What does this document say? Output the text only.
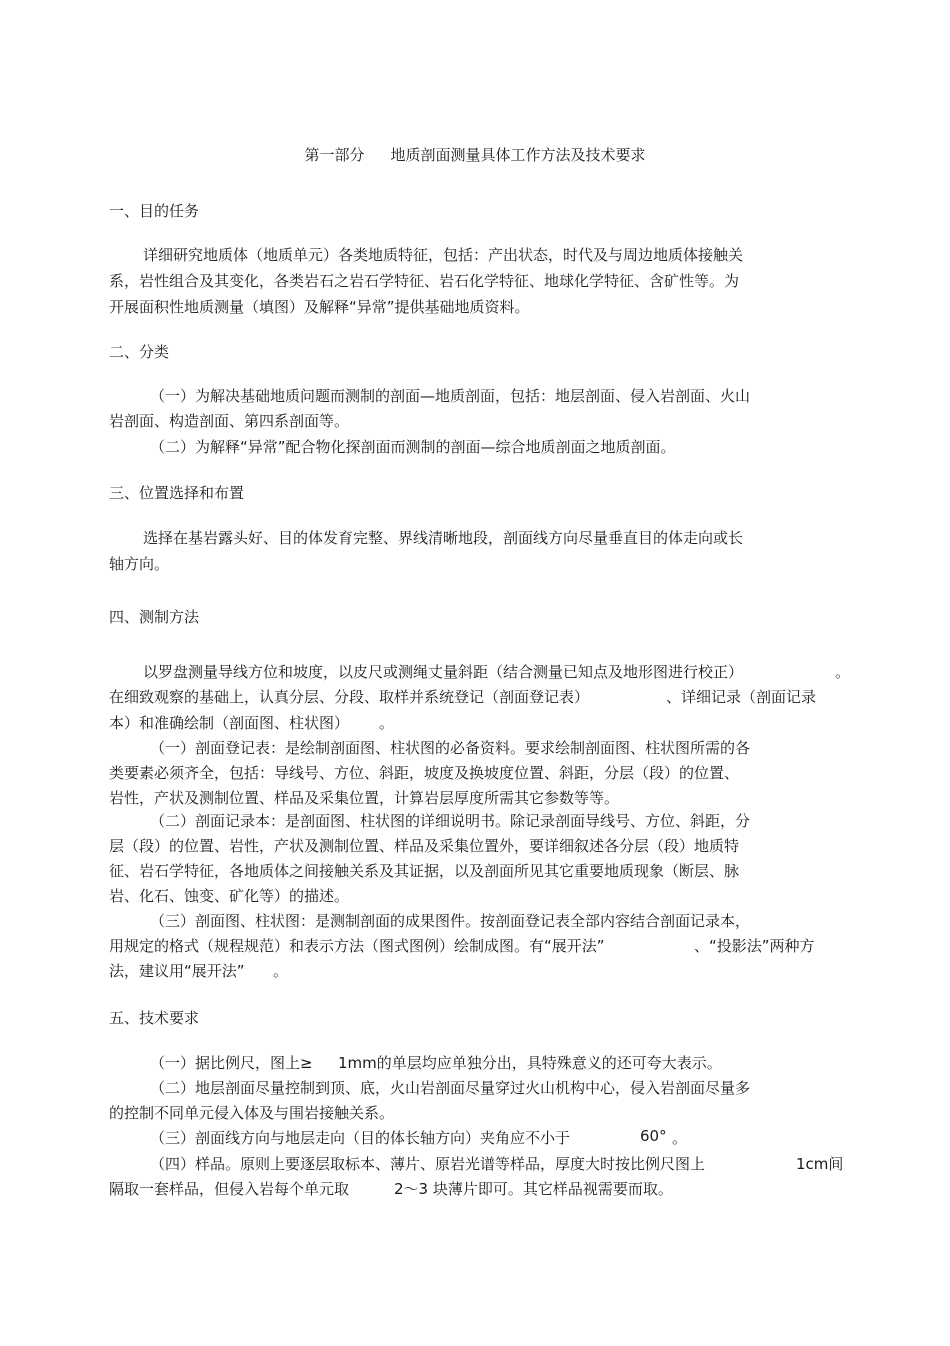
第一部分 地质剖面测量具体工作方法及技术要求
一、目的任务
详细研究地质体（地质单元）各类地质特征，包括：产出状态，时代及与周边地质体接触关
系，岩性组合及其变化，各类岩石之岩石学特征、岩石化学特征、地球化学特征、含矿性等。为
开展面积性地质测量（填图）及解释“异常”提供基础地质资料。
二、分类
（一）为解决基础地质问题而测制的剖面—地质剖面，包括：地层剖面、侵入岩剖面、火山
岩剖面、构造剖面、第四系剖面等。
（二）为解释“异常”配合物化探剖面而测制的剖面—综合地质剖面之地质剖面。
三、位置选择和布置
选择在基岩露头好、目的体发育完整、界线清晰地段，剖面线方向尽量垂直目的体走向或长
轴方向。
四、测制方法
以罗盘测量导线方位和坡度，以皮尺或测绳丈量斜距（结合测量已知点及地形图进行校正）	。
在细致观察的基础上，认真分层、分段、取样并系统登记（剖面登记表）	、详细记录（剖面记录
本）和准确绘制（剖面图、柱状图） 。
（一）剖面登记表：是绘制剖面图、柱状图的必备资料。要求绘制剖面图、柱状图所需的各
类要素必须齐全，包括：导线号、方位、斜距，坡度及换坡度位置、斜距，分层（段）的位置、
岩性，产状及测制位置、样品及采集位置，计算岩层厚度所需其它参数等等。
（二）剖面记录本：是剖面图、柱状图的详细说明书。除记录剖面导线号、方位、斜距，分
层（段）的位置、岩性，产状及测制位置、样品及采集位置外，要详细叙述各分层（段）地质特
征、岩石学特征，各地质体之间接触关系及其证据，以及剖面所见其它重要地质现象（断层、脉
岩、化石、蚀变、矿化等）的描述。
（三）剖面图、柱状图：是测制剖面的成果图件。按剖面登记表全部内容结合剖面记录本，
用规定的格式（规程规范）和表示方法（图式图例）绘制成图。有“展开法”	、“投影法”两种方
法，建议用“展开法” 。
五、技术要求
（一）据比例尺，图上≥ 1mm的单层均应单独分出，具特殊意义的还可夸大表示。
（二）地层剖面尽量控制到顶、底，火山岩剖面尽量穿过火山机构中心，侵入岩剖面尽量多
的控制不同单元侵入体及与围岩接触关系。
（三）剖面线方向与地层走向（目的体长轴方向）夹角应不小于	60° 。
（四）样品。原则上要逐层取标本、薄片、原岩光谱等样品，厚度大时按比例尺图上	1cm间
隔取一套样品，但侵入岩每个单元取	2～3 块薄片即可。其它样品视需要而取。
